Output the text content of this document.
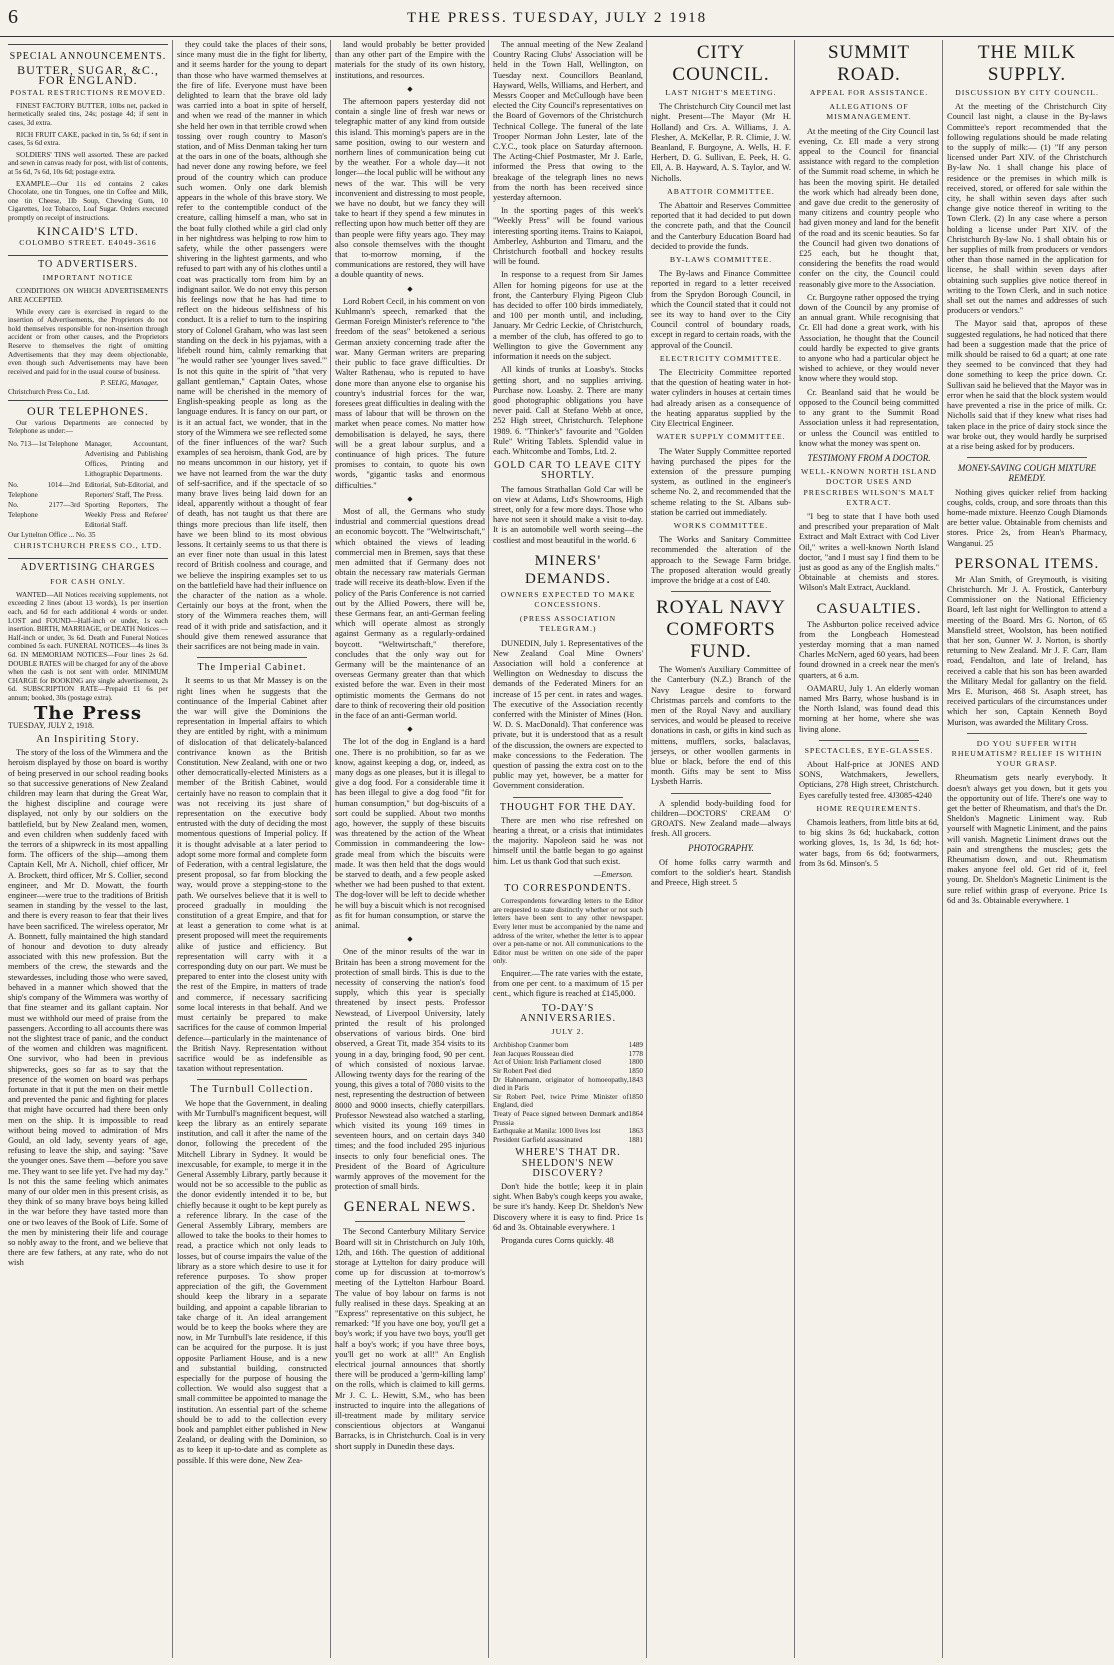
6	THE PRESS. TUESDAY, JULY 2 1918
SPECIAL ANNOUNCEMENTS.
BUTTER, SUGAR, &C., FOR ENGLAND.
POSTAL RESTRICTIONS REMOVED.

FINEST FACTORY BUTTER, 10lbs net, packed in hermetically sealed tins, 24s; postage 4d; if sent in cases, 3d extra.

RICH FRUIT CAKE, packed in tin, 5s 6d; if sent in cases, 5s 6d extra.

SOLDIERS' TINS well assorted. These are packed and sewn in canvas ready for post, with list of contents, at 5s 6d, 7s 6d, 10s 6d; postage extra.

EXAMPLE—Our 11s ed contains 2 cakes Chocolate, one tin Tongues, one tin Coffee and Milk, one tin Cheese, 1lb Soup, Chewing Gum, 10 Cigarettes, 1oz Tobacco, Loaf Sugar. Orders executed promptly on receipt of instructions.

KINCAID'S LTD.
COLOMBO STREET. E4049-3616
TO ADVERTISERS.
IMPORTANT NOTICE

CONDITIONS ON WHICH ADVERTISEMENTS ARE ACCEPTED.

While every care is exercised in regard to the insertion of Advertisements, the Proprietors do not hold themselves responsible for non-insertion through accident or from other causes, and the Proprietors Reserve to themselves the right of omitting Advertisements that they may deem objectionable, even though such Advertisements may have been received and paid for in the usual course of business.

P. SELIG, Manager,
Christchurch Press Co., Ltd.
OUR TELEPHONES.

Our various Departments are connected by Telephone as under:—

No. 713—1st Telephone Manager, Accountant, Advertising and Publishing Offices, Printing and Lithographic Departments.
No. 1014—2nd Telephone
Editorial, Sub-Editorial, and Reporters' Staff, The Press.
No. 2177—3rd Telephone
Sporting Reporters, The Weekly Press and Referee' Editorial Staff.
Our Lyttelton Office ... No. 35
CHRISTCHURCH PRESS CO., LTD.
ADVERTISING CHARGES
FOR CASH ONLY.

WANTED—All Notices receiving supplements, not exceeding 2 lines (about 13 words), 1s per insertion each, and 6d for each additional 4 words or under. LOST and FOUND—Half-inch or under, 1s each insertion. BIRTH, MARRIAGE, or DEATH Notices —Half-inch or under, 3s 6d. Death and Funeral Notices combined 5s each. FUNERAL NOTICES—4s lines 3s 6d. IN MEMORIAM NOTICES—Four lines 2s 6d. DOUBLE RATES will be charged for any of the above when the cash is not sent with order. MINIMUM CHARGE for BOOKING any single advertisement, 2s 6d. SUBSCRIPTION RATE—Prepaid £1 6s per annum; booked, 30s (postage extra).

The Press
TUESDAY, JULY 2, 1918.
An Inspiriting Story.

The story of the loss of the Wimmera and the heroism displayed by those on board is worthy of being preserved in our school reading books so that successive generations of New Zealand children may learn that during the Great War, the highest discipline and courage were displayed, not only by our soldiers on the battlefield, but by New Zealand men, women, and even children when suddenly faced with the terrors of a shipwreck in its most appalling form. The officers of the ship—among them Captain Kell, Mr A. Nicholl, chief officer, Mr A. Brockett, third officer, Mr S. Collier, second engineer, and Mr D. Mowatt, the fourth engineer—were true to the traditions of British seamen in standing by the vessel to the last, and there is every reason to fear that their lives have been sacrificed. The wireless operator, Mr A. Bonnett, fully maintained the high standard of honour and devotion to duty already associated with this new profession. But the members of the crew, the stewards and the stewardesses, including those who were saved, behaved in a manner which showed that the ship's company of the Wimmera was worthy of that fine steamer and its gallant captain. Nor must we withhold our meed of praise from the passengers. According to all accounts there was not the slightest trace of panic, and the conduct of the women and children was magnificent. One survivor, who had been in previous shipwrecks, goes so far as to say that the presence of the women on board was perhaps fortunate in that it put the men on their mettle and prevented the panic and fighting for places that might have occurred had there been only men on the ship. It is impossible to read without being moved to admiration of Mrs Gould, an old lady, seventy years of age, refusing to leave the ship, and saying: "Save the younger ones. Save them —before you save me. They want to see life yet. I've had my day." Is not this the same feeling which animates many of our older men in this present crisis, as they think of so many brave boys being killed in the war before they have tasted more than one or two leaves of the Book of Life. Some of the men by ministering their life and courage so nobly away to the front, and we believe that there are few fathers, at any rate, who do not wish

they could take the places of their sons, since many must die in the fight for liberty, and it seems harder for the young to depart than those who have warmed themselves at the fire of life. Everyone must have been delighted to learn that the brave old lady was carried into a boat in spite of herself, and when we read of the manner in which she held her own in that terrible crowd when tossing over rough country to Mason's station, and of Miss Denman taking her turn at the oars in one of the boats, although she had never done any rowing before, we feel proud of the country which can produce such women. Only one dark blemish appears in the whole of this brave story. We refer to the contemptible conduct of the creature, calling himself a man, who sat in the boat fully clothed while a girl clad only in her nightdress was helping to row him to safety, while the other passengers were shivering in the lightest garments, and who refused to part with any of his clothes until a coat was practically torn from him by an indignant sailor. We do not envy this person his feelings now that he has had time to reflect on the hideous selfishness of his conduct. It is a relief to turn to the inspiring story of Colonel Graham, who was last seen standing on the deck in his pyjamas, with a lifebelt round him, calmly remarking that "he would rather see 'younger lives saved.'" Is not this quite in the spirit of "that very gallant gentleman," Captain Oates, whose name will be cherished in the memory of English-speaking people as long as the language endures. It is fancy on our part, or is it an actual fact, we wonder, that in the story of the Wimmera we see reflected some of the finer influences of the war? Such examples of sea heroism, thank God, are by no means uncommon in our history, yet if we have not learned from the war the duty of self-sacrifice, and if the spectacle of so many brave lives being laid down for an ideal, apparently without a thought of fear of death, has not taught us that there are things more precious than life itself, then have we been blind to its most obvious lessons. It certainly seems to us that there is an ever finer note than usual in this latest record of British coolness and courage, and we believe the inspiring examples set to us on the battlefield have had their influence on the character of the nation as a whole. Certainly our boys at the front, when the story of the Wimmera reaches them, will read of it with pride and satisfaction, and it should give them renewed assurance that their sacrifices are not being made in vain.

The Imperial Cabinet.

It seems to us that Mr Massey is on the right lines when he suggests that the continuance of the Imperial Cabinet after the war will give the Dominions the representation in Imperial affairs to which they are entitled by right, with a minimum of dislocation of that delicately-balanced contrivance known as the British Constitution. New Zealand, with one or two other democratically-elected Ministers as a member of the British Cabinet, would certainly have no reason to complain that it was not receiving its just share of representation on the executive body entrusted with the duty of deciding the most momentous questions of Imperial policy. If it is thought advisable at a later period to adopt some more formal and complete form of Federation, with a central legislature, the present proposal, so far from blocking the way, would prove a stepping-stone to the path. We ourselves believe that it is well to proceed gradually in moulding the constitution of a great Empire, and that for at least a generation to come what is at present proposed will meet the requirements alike of justice and efficiency. But representation will carry with it a corresponding duty on our part. We must be prepared to enter into the closest unity with the rest of the Empire, in matters of trade and commerce, if necessary sacrificing some local interests in that behalf. And we must certainly be prepared to make sacrifices for the cause of common Imperial defence—particularly in the maintenance of the British Navy. Representation without sacrifice would be as indefensible as taxation without representation.

The Turnbull Collection.

We hope that the Government, in dealing with Mr Turnbull's magnificent bequest, will keep the library as an entirely separate institution, and call it after the name of the donor, following the precedent of the Mitchell Library in Sydney. It would be inexcusable, for example, to merge it in the General Assembly Library, partly because it would not be so accessible to the public as the donor evidently intended it to be, but chiefly because it ought to be kept purely as a reference library. In the case of the General Assembly Library, members are allowed to take the books to their homes to read, a practice which not only leads to losses, but of course impairs the value of the library as a store which desire to use it for reference purposes. To show proper appreciation of the gift, the Government should keep the library in a separate building, and appoint a capable librarian to take charge of it. An ideal arrangement would be to keep the books where they are now, in Mr Turnbull's late residence, if this can be acquired for the purpose. It is just opposite Parliament House, and is a new and substantial building, constructed especially for the purpose of housing the collection. We would also suggest that a small committee be appointed to manage the institution. An essential part of the scheme should be to add to the collection every book and pamphlet either published in New Zealand, or dealing with the Dominion, so as to keep it up-to-date and as complete as possible. If this were done, New Zea-

land would probably be better provided than any other part of the Empire with the materials for the study of its own history, institutions, and resources.

◆

The afternoon papers yesterday did not contain a single line of fresh war news or telegraphic matter of any kind from outside this island. This morning's papers are in the same position, owing to our western and northern lines of communication being cut by the weather. For a whole day—it not longer—the local public will be without any news of the war. This will be very inconvenient and distressing to most people, we have no doubt, but we fancy they will take to heart if they spend a few minutes in reflecting upon how much better off they are than people were fifty years ago. They may also console themselves with the thought that to-morrow morning, if the communications are restored, they will have a double quantity of news.

◆

Lord Robert Cecil, in his comment on von Kuhlmann's speech, remarked that the German Foreign Minister's reference to "the freedom of the seas" betokened a serious German anxiety concerning trade after the war. Many German writers are preparing their public to face grave difficulties. Dr Walter Rathenau, who is reputed to have done more than anyone else to organise his country's industrial forces for the war, foresees great difficulties in dealing with the mass of labour that will be thrown on the market when peace comes. No matter how demobilisation is delayed, he says, there will be a great labour surplus, and a continuance of high prices. The future promises to contain, to quote his own words, "gigantic tasks and enormous difficulties."

◆

Most of all, the Germans who study industrial and commercial questions dread an economic boycott. The "Weltwirtschaft," which obtained the views of leading commercial men in Bremen, says that these men admitted that if Germany does not obtain the necessary raw materials German trade will receive its death-blow. Even if the policy of the Paris Conference is not carried out by the Allied Powers, there will be, these Germans fear, an anti-German feeling which will operate almost as strongly against Germany as a regularly-ordained boycott. "Weltwirtschaft," therefore, concludes that the only way out for Germany will be the maintenance of an overseas Germany greater than that which existed before the war. Even in their most optimistic moments the Germans do not dare to think of recovering their old position in the face of an anti-German world.

◆

The lot of the dog in England is a hard one. There is no prohibition, so far as we know, against keeping a dog, or, indeed, as many dogs as one pleases, but it is illegal to give a dog food. For a considerable time it has been illegal to give a dog food "fit for human consumption," but dog-biscuits of a sort could be supplied. About two months ago, however, the supply of these biscuits was threatened by the action of the Wheat Commission in commandeering the low-grade meal from which the biscuits were made. It was then held that the dogs would be starved to death, and a few people asked whether we had been pushed to that extent. The dog-lover will be left to decide whether he will buy a biscuit which is not recognised as fit for human consumption, or starve the animal.

◆

One of the minor results of the war in Britain has been a strong movement for the protection of small birds. This is due to the necessity of conserving the nation's food supply, which this year is specially threatened by insect pests. Professor Newstead, of Liverpool University, lately printed the result of his prolonged observations of various birds. One bird observed, a Great Tit, made 354 visits to its young in a day, bringing food, 90 per cent. of which consisted of noxious larvae. Allowing twenty days for the rearing of the young, this gives a total of 7080 visits to the nest, representing the destruction of between 8000 and 9000 insects, chiefly caterpillars. Professor Newstead also watched a starling, which visited its young 169 times in seventeen hours, and on certain days 340 times; and the food included 295 injurious insects to only four beneficial ones. The President of the Board of Agriculture warmly approves of the movement for the protection of small birds.

GENERAL NEWS.

The Second Canterbury Military Service Board will sit in Christchurch on July 10th, 12th, and 16th. The question of additional storage at Lyttelton for dairy produce will come up for discussion at to-morrow's meeting of the Lyttelton Harbour Board. The value of boy labour on farms is not fully realised in these days. Speaking at an "Express" representative on this subject, he remarked: "If you have one boy, you'll get a boy's work; if you have two boys, you'll get half a boy's work; if you have three boys, you'll get no work at all!" An English electrical journal announces that shortly there will be produced a 'germ-killing lamp' on the rolls, which is claimed to kill germs. Mr J. C. L. Hewitt, S.M., who has been instructed to inquire into the allegations of ill-treatment made by military service conscientious objectors at Wanganui Barracks, is in Christchurch. Coal is in very short supply in Dunedin these days.

The annual meeting of the New Zealand Country Racing Clubs' Association will be held in the Town Hall, Wellington, on Tuesday next. Councillors Beanland, Hayward, Wells, Williams, and Herbert, and Messrs Cooper and McCullough have been elected the City Council's representatives on the Board of Governors of the Christchurch Technical College. The funeral of the late Trooper Norman John Lester, late of the C.Y.C., took place on Saturday afternoon. The Acting-Chief Postmaster, Mr J. Earle, informed the Press that owing to the breakage of the telegraph lines no news from the north has been received since yesterday afternoon.

In the sporting pages of this week's "Weekly Press" will be found various interesting sporting items. Trains to Kaiapoi, Amberley, Ashburton and Timaru, and the Christchurch football and hockey results will be found.

In response to a request from Sir James Allen for homing pigeons for use at the front, the Canterbury Flying Pigeon Club has decided to offer 100 birds immediately, and 100 per month until, and including, January. Mr Cedric Leckie, of Christchurch, a member of the club, has offered to go to Wellington to give the Government any information it needs on the subject.

All kinds of trunks at Loasby's. Stocks getting short, and no supplies arriving. Purchase now. Loasby. 2. There are many good photographic obligations you have never paid. Call at Stefano Webb at once, 252 High street, Christchurch. Telephone 1989. 6. "Thinker's" favourite and "Golden Rule" Writing Tablets. Splendid value in each. Whitcombe and Tombs, Ltd. 2.

GOLD CAR TO LEAVE CITY SHORTLY.

The famous Strathallan Gold Car will be on view at Adams, Ltd's Showrooms, High street, only for a few more days. Those who have not seen it should make a visit to-day. It is an automobile well worth seeing—the costliest and most beautiful in the world. 6

MINERS' DEMANDS.
OWNERS EXPECTED TO MAKE CONCESSIONS.
(PRESS ASSOCIATION TELEGRAM.)

DUNEDIN, July 1. Representatives of the New Zealand Coal Mine Owners' Association will hold a conference at Wellington on Wednesday to discuss the demands of the Federated Miners for an increase of 15 per cent. in rates and wages. The executive of the Association recently conferred with the Minister of Mines (Hon. W. D. S. MacDonald). That conference was private, but it is understood that as a result of the discussion, the owners are expected to make concessions to the Federation. The question of passing the extra cost on to the public may yet, however, be a matter for Government consideration.

THOUGHT FOR THE DAY.

There are men who rise refreshed on hearing a threat, or a crisis that intimidates the majority. Napoleon said he was not himself until the battle began to go against him. Let us thank God that such exist.

—Emerson.
TO CORRESPONDENTS.

Correspondents forwarding letters to the Editor are requested to state distinctly whether or not such letters have been sent to any other newspaper. Every letter must be accompanied by the name and address of the writer, whether the letter is to appear over a pen-name or not. All communications to the Editor must be written on one side of the paper only.

Enquirer.—The rate varies with the estate, from one per cent. to a maximum of 15 per cent., which figure is reached at £145,000.

TO-DAY'S ANNIVERSARIES.
JULY 2.
Archbishop Cranmer born	1489
Jean Jacques Rousseau died	1778
Act of Union: Irish Parliament closed	1800
Sir Robert Peel died	1850
Dr Hahnemann, originator of homoeopathy, died in Paris
1843
Sir Robert Peel, twice Prime Minister of England, died
1850
Treaty of Peace signed between Denmark and Prussia
1864
Earthquake at Manila: 1000 lives lost	1863
President Garfield assassinated	1881
WHERE'S THAT DR. SHELDON'S NEW DISCOVERY?

Don't hide the bottle; keep it in plain sight. When Baby's cough keeps you awake, be sure it's handy. Keep Dr. Sheldon's New Discovery where it is easy to find. Price 1s 6d and 3s. Obtainable everywhere. 1

Proganda cures Corns quickly. 48

CITY COUNCIL.
LAST NIGHT'S MEETING.

The Christchurch City Council met last night. Present—The Mayor (Mr H. Holland) and Crs. A. Williams, J. A. Flesher, A. McKellar, P. R. Climie, J. W. Beanland, F. Burgoyne, A. Wells, H. F. Herbert, D. G. Sullivan, E. Peek, H. G. Ell, A. B. Hayward, A. S. Taylor, and W. Nicholls.

ABATTOIR COMMITTEE.

The Abattoir and Reserves Committee reported that it had decided to put down the concrete path, and that the Council and the Canterbury Education Board had decided to provide the funds.

BY-LAWS COMMITTEE.

The By-laws and Finance Committee reported in regard to a letter received from the Sprydon Borough Council, in which the Council stated that it could not see its way to hand over to the City Council control of boundary roads, except in regard to certain roads, with the approval of the Council.

ELECTRICITY COMMITTEE.

The Electricity Committee reported that the question of heating water in hot-water cylinders in houses at certain times had already arisen as a consequence of the heating apparatus supplied by the City Electrical Engineer.

WATER SUPPLY COMMITTEE.

The Water Supply Committee reported having purchased the pipes for the extension of the pressure pumping system, as outlined in the engineer's scheme No. 2, and recommended that the scheme relating to the St. Albans sub-station be carried out immediately.

WORKS COMMITTEE.

The Works and Sanitary Committee recommended the alteration of the approach to the Sewage Farm bridge. The proposed alteration would greatly improve the bridge at a cost of £40.

ROYAL NAVY COMFORTS FUND.

The Women's Auxiliary Committee of the Canterbury (N.Z.) Branch of the Navy League desire to forward Christmas parcels and comforts to the men of the Royal Navy and auxiliary services, and would be pleased to receive donations in cash, or gifts in kind such as mittens, mufflers, socks, balaclavas, jerseys, or other woollen garments in blue or black, before the end of this month. Gifts may be sent to Miss Lysbeth Harris.

A splendid body-building food for children—DOCTORS' CREAM O' GROATS. New Zealand made—always fresh. All grocers.

PHOTOGRAPHY.

Of home folks carry warmth and comfort to the soldier's heart. Standish and Preece, High street. 5

SUMMIT ROAD.
APPEAL FOR ASSISTANCE.
ALLEGATIONS OF MISMANAGEMENT.

At the meeting of the City Council last evening, Cr. Ell made a very strong appeal to the Council for financial assistance with regard to the completion of the Summit road scheme, in which he has been the moving spirit. He detailed the work which had already been done, and gave due credit to the generosity of many citizens and country people who had given money and land for the benefit of the road and its scenic beauties. So far the Council had given two donations of £25 each, but he thought that, considering the benefits the road would confer on the city, the Council could reasonably give more to the Association.

Cr. Burgoyne rather opposed the trying down of the Council by any promise of an annual grant. While recognising that Cr. Ell had done a great work, with his Association, he thought that the Council could hardly be expected to give grants to anyone who had a particular object he wished to achieve, or they would never know where they would stop.

Cr. Beanland said that he would be opposed to the Council being committed to any grant to the Summit Road Association unless it had representation, or unless the Council was entitled to know what the money was spent on.

TESTIMONY FROM A DOCTOR.
WELL-KNOWN NORTH ISLAND DOCTOR USES AND PRESCRIBES WILSON'S MALT EXTRACT.

"I beg to state that I have both used and prescribed your preparation of Malt Extract and Malt Extract with Cod Liver Oil," writes a well-known North Island doctor, "and I must say I find them to be just as good as any of the English malts." Obtainable at chemists and stores. Wilson's Malt Extract, Auckland.

CASUALTIES.

The Ashburton police received advice from the Longbeach Homestead yesterday morning that a man named Charles McNern, aged 60 years, had been found drowned in a creek near the men's quarters, at 6 a.m.

OAMARU, July 1. An elderly woman named Mrs Barry, whose husband is in the North Island, was found dead this morning at her home, where she was living alone.

SPECTACLES, EYE-GLASSES.

About Half-price at JONES AND SONS, Watchmakers, Jewellers, Opticians, 278 High street, Christchurch. Eyes carefully tested free. 4J3085-4240

HOME REQUIREMENTS.

Chamois leathers, from little bits at 6d, to big skins 3s 6d; huckaback, cotton working gloves, 1s, 1s 3d, 1s 6d; hot-water bags, from 6s 6d; footwarmers, from 3s 6d. Minson's. 5

THE MILK SUPPLY.
DISCUSSION BY CITY COUNCIL.

At the meeting of the Christchurch City Council last night, a clause in the By-laws Committee's report recommended that the following regulations should be made relating to the supply of milk:— (1) "If any person licensed under Part XIV. of the Christchurch By-law No. 1 shall change his place of residence or the premises in which milk is received, stored, or offered for sale within the city, he shall within seven days after such change give notice thereof in writing to the Town Clerk. (2) In any case where a person holding a license under Part XIV. of the Christchurch By-law No. 1 shall obtain his or her supplies of milk from producers or vendors other than those named in the application for license, he shall within seven days after obtaining such supplies give notice thereof in writing to the Town Clerk, and in such notice shall set out the names and addresses of such producers or vendors."

The Mayor said that, apropos of these suggested regulations, he had noticed that there had been a suggestion made that the price of milk should be raised to 6d a quart; at one rate they seemed to be convinced that they had done something to keep the price down. Cr. Sullivan said he believed that the Mayor was in error when he said that the block system would have prevented a rise in the price of milk. Cr. Nicholls said that if they knew what rises had taken place in the price of dairy stock since the war broke out, they would hardly be surprised at a rise being asked for by producers.

MONEY-SAVING COUGH MIXTURE REMEDY.

Nothing gives quicker relief from hacking coughs, colds, croup, and sore throats than this home-made mixture. Heenzo Cough Diamonds are better value. Obtainable from chemists and stores. Price 2s, from Hean's Pharmacy, Wanganui. 25

PERSONAL ITEMS.

Mr Alan Smith, of Greymouth, is visiting Christchurch. Mr J. A. Frostick, Canterbury Commissioner on the National Efficiency Board, left last night for Wellington to attend a meeting of the Board. Mrs G. Norton, of 65 Mansfield street, Woolston, has been notified that her son, Gunner W. J. Norton, is shortly returning to New Zealand. Mr J. F. Carr, Ilam road, Fendalton, and late of Ireland, has received a cable that his son has been awarded the Military Medal for gallantry on the field. Mrs E. Murison, 468 St. Asaph street, has received particulars of the circumstances under which her son, Captain Kenneth Boyd Murison, was awarded the Military Cross.

DO YOU SUFFER WITH RHEUMATISM? RELIEF IS WITHIN YOUR GRASP.

Rheumatism gets nearly everybody. It doesn't always get you down, but it gets you the opportunity out of life. There's one way to get the better of Rheumatism, and that's the Dr. Sheldon's Magnetic Liniment way. Rub yourself with Magnetic Liniment, and the pains will vanish. Magnetic Liniment draws out the pain and strengthens the muscles; gets the Rheumatism down, and out. Rheumatism makes anyone feel old. Get rid of it, feel young. Dr. Sheldon's Magnetic Liniment is the sure relief within grasp of everyone. Price 1s 6d and 3s. Obtainable everywhere. 1
